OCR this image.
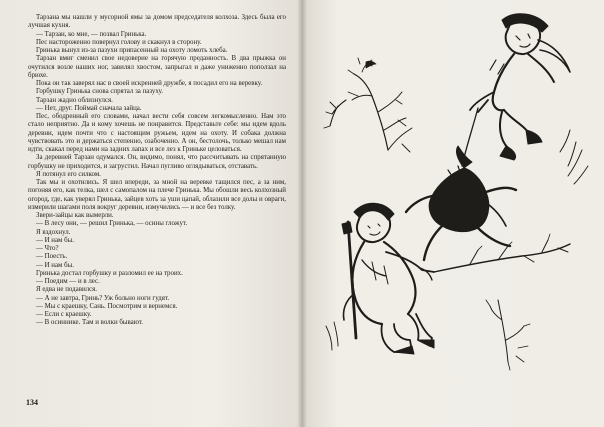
Тарзана мы нашли у мусорной ямы за домом председателя колхоза. Здесь была его лучшая кухня.

— Тарзан, ко мне, — позвал Гринька.

Пес настороженно повернул голову и скакнул в сторону.

Гринька вынул из-за пазухи припасенный на охоту ломоть хлеба.

Тарзан вмиг сменил свое недоверие на горячую преданность. В два прыжка он очутился возле наших ног, завилял хвостом, запрыгал и даже униженно поползал на брюхе.

Пока он так заверял нас в своей искренней дружбе, я посадил его на веревку.

Горбушку Гринька снова спрятал за пазуху.

Тарзан жадно облизнулся.

— Нет, друг. Поймай сначала зайца.

Пес, ободренный его словами, начал вести себя совсем легкомысленно. Нам это стало неприятно. Да и кому хочешь не понравится. Представьте себе: мы идем вдоль деревни, идем почти что с настоящим ружьем, идем на охоту. И собака должна чувствовать это и держаться степенно, озабоченно. А он, бестолочь, только мешал нам идти, скакал перед нами на задних лапах и все лез к Гриньке целоваться.

За деревней Тарзан одумался. Он, видимо, понял, что рассчитывать на спрятанную горбушку не приходится, и загрустил. Начал пугливо оглядываться, отставать.

Я потянул его силком.

Так мы и охотились. Я шел впереди, за мной на веревке тащился пес, а за ним, погоняя его, как телка, шел с самопалом на плече Гринька. Мы обошли весь колхозный огород, где, как уверял Гринька, зайцев хоть за уши цапай, облазили все долы и овраги, измерили шагами поля вокруг деревни, измучились — и все без толку.

Звери-зайцы как вымерли.

— В лесу они, — решил Гринька, — осины гложут.

Я вздохнул.

— И нам бы.

— Что?

— Поесть.

— И нам бы.

Гринька достал горбушку и разломил ее на троих.

— Поедим — и в лес.

Я едва не подавился.

— А не завтра, Гринь? Уж больно ноги гудят.

— Мы с краешку, Сань. Посмотрим и вернемся.

— Если с краешку.

— В осиннике. Там и волки бывают.

134
